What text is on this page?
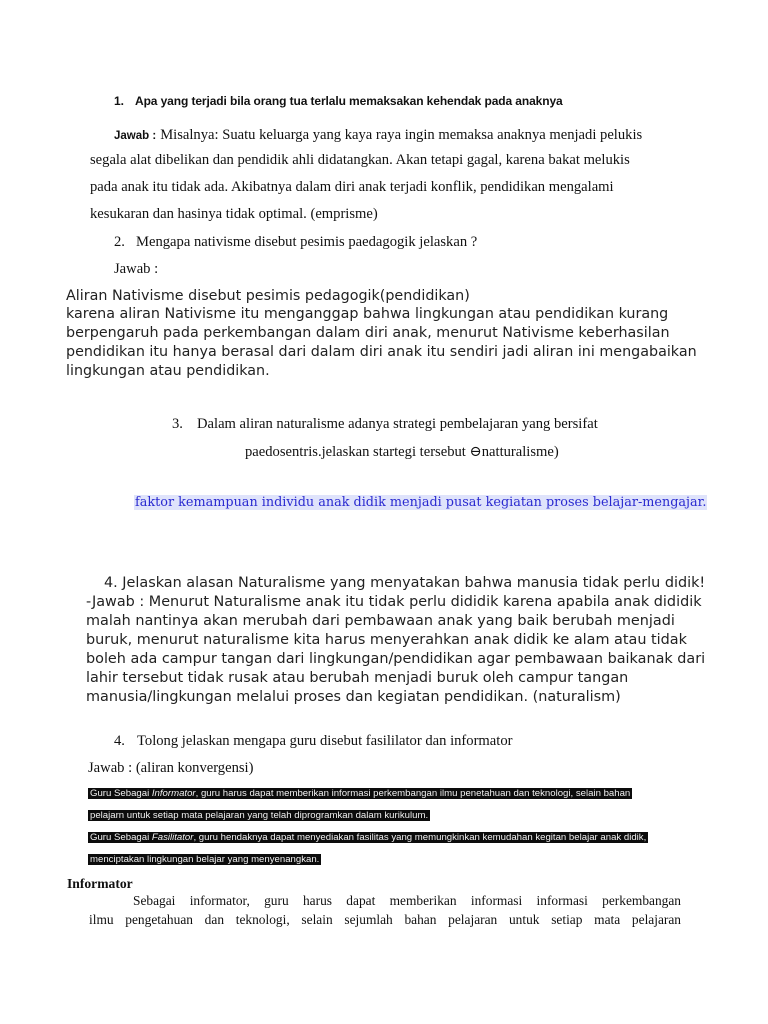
1. Apa yang terjadi bila orang tua terlalu memaksakan kehendak pada anaknya
Jawab : Misalnya: Suatu keluarga yang kaya raya ingin memaksa anaknya menjadi pelukis
segala alat dibelikan dan pendidik ahli didatangkan. Akan tetapi gagal, karena bakat melukis
pada anak itu tidak ada. Akibatnya dalam diri anak terjadi konflik, pendidikan mengalami
kesukaran dan hasinya tidak optimal. (emprisme)
2. Mengapa nativisme disebut pesimis paedagogik jelaskan ?
Jawab :
Aliran Nativisme disebut pesimis pedagogik(pendidikan)
karena aliran Nativisme itu menganggap bahwa lingkungan atau pendidikan kurang
berpengaruh pada perkembangan dalam diri anak, menurut Nativisme keberhasilan
pendidikan itu hanya berasal dari dalam diri anak itu sendiri jadi aliran ini mengabaikan
lingkungan atau pendidikan.
3. Dalam aliran naturalisme adanya strategi pembelajaran yang bersifat
paedosentris.jelaskan startegi tersebut ⊖natturalisme)
faktor kemampuan individu anak didik menjadi pusat kegiatan proses belajar-mengajar.
4. Jelaskan alasan Naturalisme yang menyatakan bahwa manusia tidak perlu didik!
-Jawab : Menurut Naturalisme anak itu tidak perlu dididik karena apabila anak dididik
malah nantinya akan merubah dari pembawaan anak yang baik berubah menjadi
buruk, menurut naturalisme kita harus menyerahkan anak didik ke alam atau tidak
boleh ada campur tangan dari lingkungan/pendidikan agar pembawaan baikanak dari
lahir tersebut tidak rusak atau berubah menjadi buruk oleh campur tangan
manusia/lingkungan melalui proses dan kegiatan pendidikan. (naturalism)
4. Tolong jelaskan mengapa guru disebut fasililator dan informator
Jawab : (aliran konvergensi)
Guru Sebagai Informator, guru harus dapat memberikan informasi perkembangan ilmu penetahuan dan teknologi, selain bahan
pelajarn untuk setiap mata pelajaran yang telah diprogramkan dalam kurikulum.
Guru Sebagai Fasilitator, guru hendaknya dapat menyediakan fasilitas yang memungkinkan kemudahan kegitan belajar anak didik,
menciptakan lingkungan belajar yang menyenangkan.
Informator
Sebagai informator, guru harus dapat memberikan informasi informasi perkembangan
ilmu pengetahuan dan teknologi, selain sejumlah bahan pelajaran untuk setiap mata pelajaran
